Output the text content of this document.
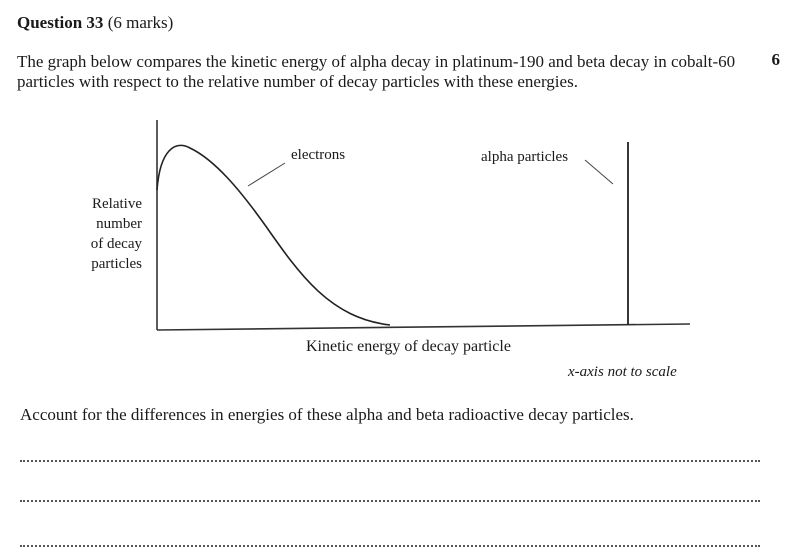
Question 33 (6 marks)
6
The graph below compares the kinetic energy of alpha decay in platinum-190 and beta decay in cobalt-60 particles with respect to the relative number of decay particles with these energies.
Relative
number
of decay
particles
electrons	alpha particles
Kinetic energy of decay particle
x-axis not to scale
Account for the differences in energies of these alpha and beta radioactive decay particles.
